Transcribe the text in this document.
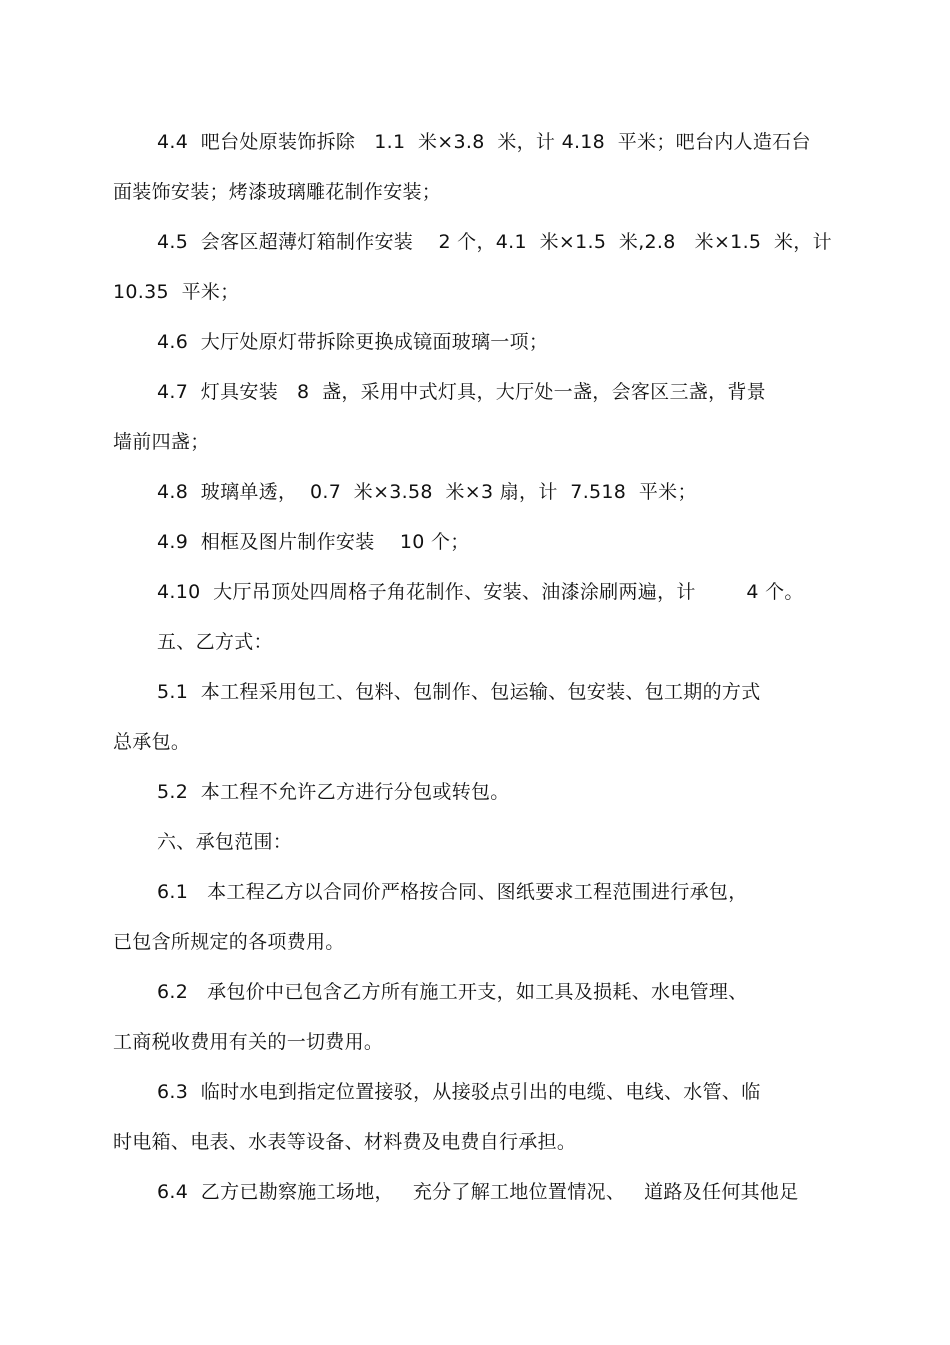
4.4  吧台处原装饰拆除   1.1  米×3.8  米，计 4.18  平米；吧台内人造石台
面装饰安装；烤漆玻璃雕花制作安装；
4.5  会客区超薄灯箱制作安装    2 个，4.1  米×1.5  米,2.8   米×1.5  米，计
10.35  平米；
4.6  大厅处原灯带拆除更换成镜面玻璃一项；
4.7  灯具安装   8  盏，采用中式灯具，大厅处一盏，会客区三盏，背景
墙前四盏；
4.8  玻璃单透，  0.7  米×3.58  米×3 扇，计  7.518  平米；
4.9  相框及图片制作安装    10 个；
4.10  大厅吊顶处四周格子角花制作、安装、油漆涂刷两遍，计        4 个。
五、乙方式：
5.1  本工程采用包工、包料、包制作、包运输、包安装、包工期的方式
总承包。
5.2  本工程不允许乙方进行分包或转包。
六、承包范围：
6.1   本工程乙方以合同价严格按合同、图纸要求工程范围进行承包，
已包含所规定的各项费用。
6.2   承包价中已包含乙方所有施工开支，如工具及损耗、水电管理、
工商税收费用有关的一切费用。
6.3  临时水电到指定位置接驳，从接驳点引出的电缆、电线、水管、临
时电箱、电表、水表等设备、材料费及电费自行承担。
6.4  乙方已勘察施工场地，   充分了解工地位置情况、   道路及任何其他足
